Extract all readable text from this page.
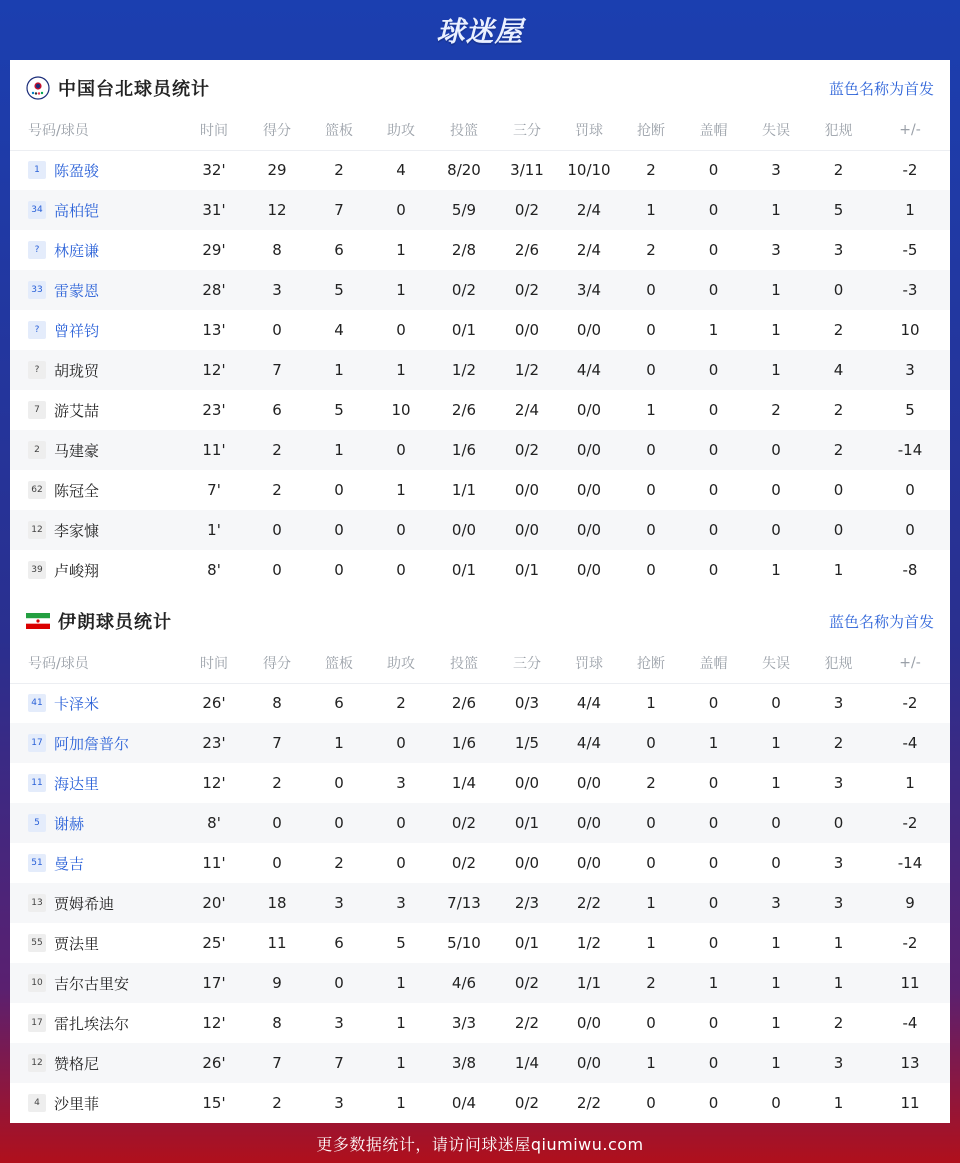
球迷屋
中国台北球员统计	蓝色名称为首发
号码/球员	时间	得分	篮板	助攻	投篮	三分	罚球	抢断	盖帽	失误	犯规	+/-
1 陈盈骏	32'	29	2	4	8/20	3/11	10/10	2	0	3	2	-2
34 高柏铠	31'	12	7	0	5/9	0/2	2/4	1	0	1	5	1
? 林庭谦	29'	8	6	1	2/8	2/6	2/4	2	0	3	3	-5
33 雷蒙恩	28'	3	5	1	0/2	0/2	3/4	0	0	1	0	-3
? 曾祥钧	13'	0	4	0	0/1	0/0	0/0	0	1	1	2	10
? 胡珑贸	12'	7	1	1	1/2	1/2	4/4	0	0	1	4	3
7 游艾喆	23'	6	5	10	2/6	2/4	0/0	1	0	2	2	5
2 马建豪	11'	2	1	0	1/6	0/2	0/0	0	0	0	2	-14
62 陈冠全	7'	2	0	1	1/1	0/0	0/0	0	0	0	0	0
12 李家慷	1'	0	0	0	0/0	0/0	0/0	0	0	0	0	0
39 卢峻翔	8'	0	0	0	0/1	0/1	0/0	0	0	1	1	-8
伊朗球员统计	蓝色名称为首发
号码/球员	时间	得分	篮板	助攻	投篮	三分	罚球	抢断	盖帽	失误	犯规	+/-
41 卡泽米	26'	8	6	2	2/6	0/3	4/4	1	0	0	3	-2
17 阿加詹普尔	23'	7	1	0	1/6	1/5	4/4	0	1	1	2	-4
11 海达里	12'	2	0	3	1/4	0/0	0/0	2	0	1	3	1
5 谢赫	8'	0	0	0	0/2	0/1	0/0	0	0	0	0	-2
51 曼吉	11'	0	2	0	0/2	0/0	0/0	0	0	0	3	-14
13 贾姆希迪	20'	18	3	3	7/13	2/3	2/2	1	0	3	3	9
55 贾法里	25'	11	6	5	5/10	0/1	1/2	1	0	1	1	-2
10 吉尔古里安	17'	9	0	1	4/6	0/2	1/1	2	1	1	1	11
17 雷扎埃法尔	12'	8	3	1	3/3	2/2	0/0	0	0	1	2	-4
12 赞格尼	26'	7	7	1	3/8	1/4	0/0	1	0	1	3	13
4 沙里菲	15'	2	3	1	0/4	0/2	2/2	0	0	0	1	11
更多数据统计，请访问球迷屋qiumiwu.com
